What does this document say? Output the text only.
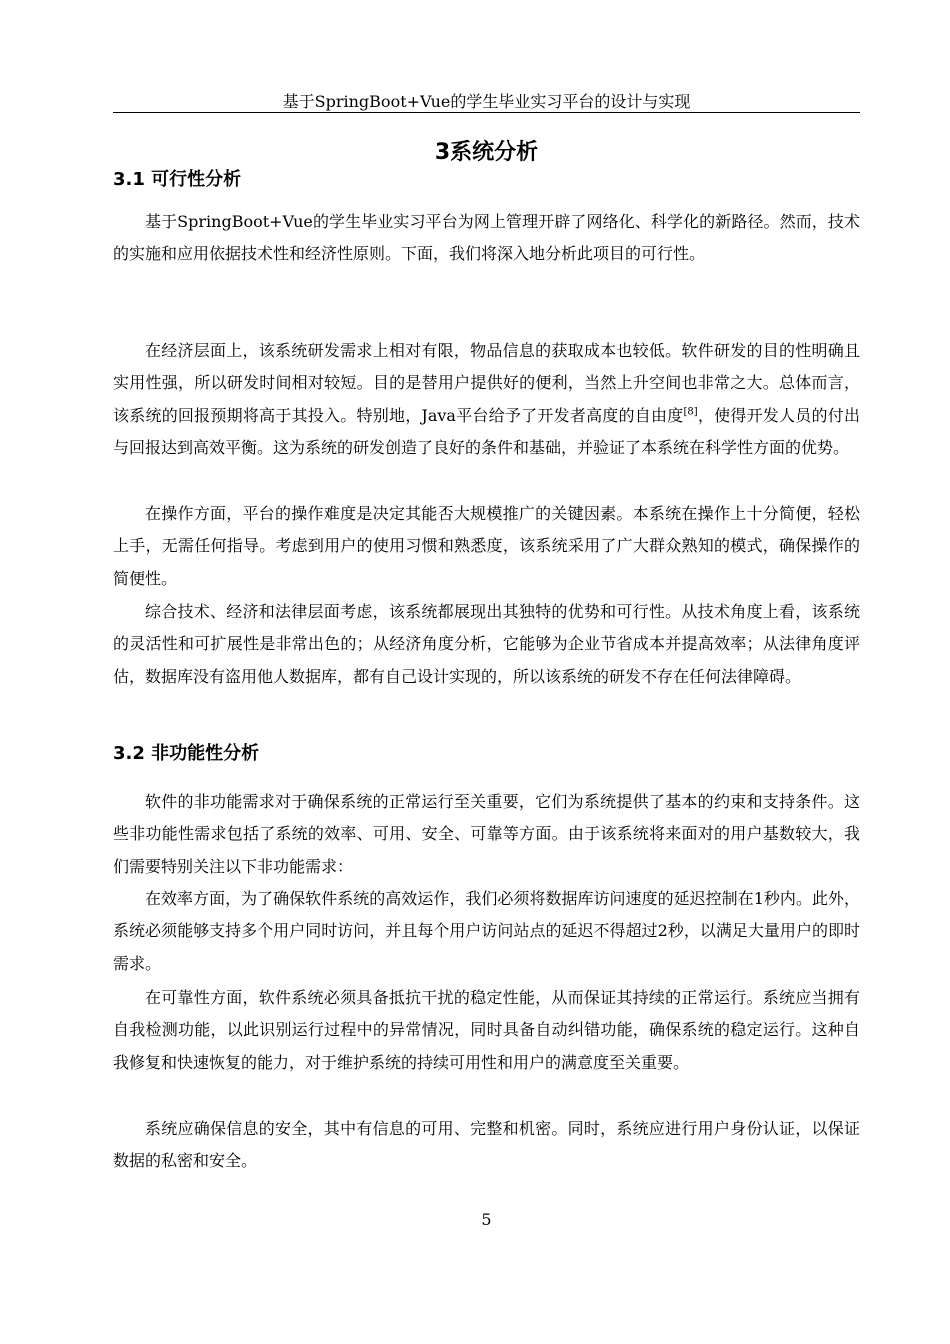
基于SpringBoot+Vue的学生毕业实习平台的设计与实现
3系统分析
3.1 可行性分析

基于SpringBoot+Vue的学生毕业实习平台为网上管理开辟了网络化、科学化的新路径。然而，技术的实施和应用依据技术性和经济性原则。下面，我们将深入地分析此项目的可行性。

在经济层面上，该系统研发需求上相对有限，物品信息的获取成本也较低。软件研发的目的性明确且实用性强，所以研发时间相对较短。目的是替用户提供好的便利，当然上升空间也非常之大。总体而言，该系统的回报预期将高于其投入。特别地，Java平台给予了开发者高度的自由度[8]，使得开发人员的付出与回报达到高效平衡。这为系统的研发创造了良好的条件和基础，并验证了本系统在科学性方面的优势。

在操作方面，平台的操作难度是决定其能否大规模推广的关键因素。本系统在操作上十分简便，轻松上手，无需任何指导。考虑到用户的使用习惯和熟悉度，该系统采用了广大群众熟知的模式，确保操作的简便性。

综合技术、经济和法律层面考虑，该系统都展现出其独特的优势和可行性。从技术角度上看，该系统的灵活性和可扩展性是非常出色的；从经济角度分析，它能够为企业节省成本并提高效率；从法律角度评估，数据库没有盗用他人数据库，都有自己设计实现的，所以该系统的研发不存在任何法律障碍。

3.2 非功能性分析

软件的非功能需求对于确保系统的正常运行至关重要，它们为系统提供了基本的约束和支持条件。这些非功能性需求包括了系统的效率、可用、安全、可靠等方面。由于该系统将来面对的用户基数较大，我们需要特别关注以下非功能需求：

在效率方面，为了确保软件系统的高效运作，我们必须将数据库访问速度的延迟控制在1秒内。此外，系统必须能够支持多个用户同时访问，并且每个用户访问站点的延迟不得超过2秒，以满足大量用户的即时需求。

在可靠性方面，软件系统必须具备抵抗干扰的稳定性能，从而保证其持续的正常运行。系统应当拥有自我检测功能，以此识别运行过程中的异常情况，同时具备自动纠错功能，确保系统的稳定运行。这种自我修复和快速恢复的能力，对于维护系统的持续可用性和用户的满意度至关重要。

系统应确保信息的安全，其中有信息的可用、完整和机密。同时，系统应进行用户身份认证，以保证数据的私密和安全。

5
